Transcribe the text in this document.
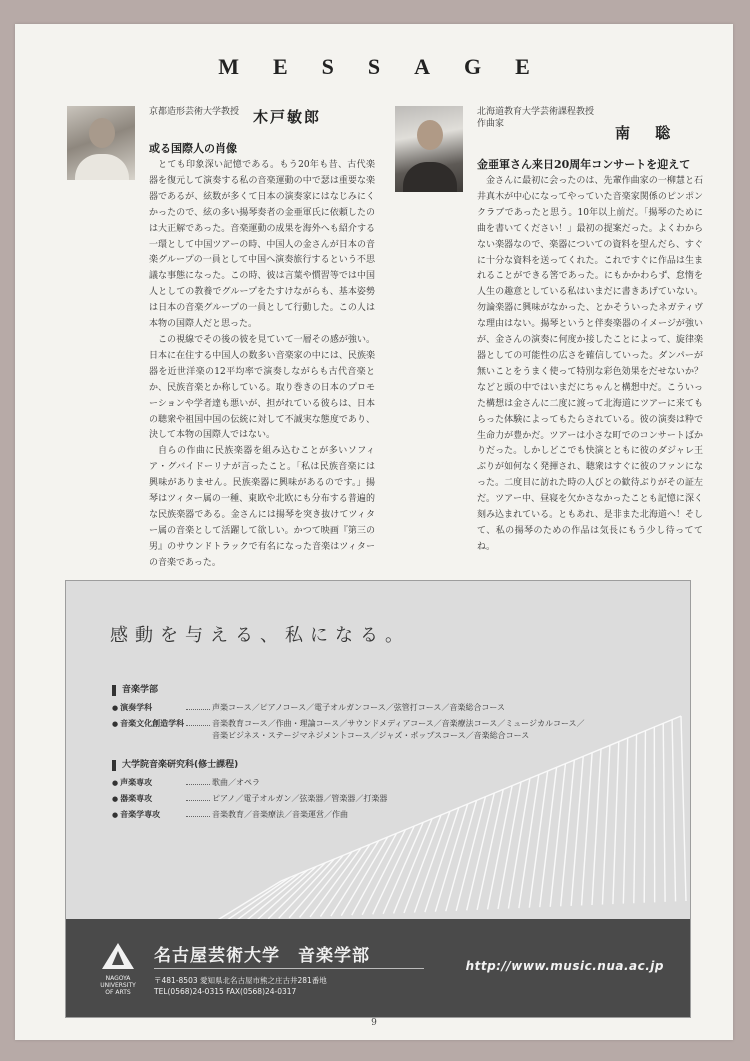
MESSAGE
京都造形芸術大学教授 木戸敏郎
或る国際人の肖像

とても印象深い記憶である。もう20年も昔、古代楽器を復元して演奏する私の音楽運動の中で瑟は重要な楽器であるが、絃数が多くて日本の演奏家にはなじみにくかったので、絃の多い揚琴奏者の金亜軍氏に依頼したのは大正解であった。音楽運動の成果を海外へも紹介する一環として中国ツアーの時、中国人の金さんが日本の音楽グループの一員として中国へ演奏旅行するという不思議な事態になった。この時、彼は言葉や慣習等では中国人としての教養でグループをたすけながらも、基本姿勢は日本の音楽グループの一員として行動した。この人は本物の国際人だと思った。

この視線でその後の彼を見ていて一層その感が強い。日本に在住する中国人の数多い音楽家の中には、民族楽器を近世洋楽の12平均率で演奏しながらも古代音楽とか、民族音楽とか称している。取り巻きの日本のプロモーションや学者達も悪いが、担がれている彼らは、日本の聴衆や祖国中国の伝統に対して不誠実な態度であり、決して本物の国際人ではない。

自らの作曲に民族楽器を組み込むことが多いソフィア・グバイドーリナが言ったこと。「私は民族音楽には興味がありません。民族楽器に興味があるのです。」揚琴はツィター属の一種、東欧や北欧にも分布する普遍的な民族楽器である。金さんには揚琴を突き抜けてツィター属の音楽として活躍して欲しい。かつて映画『第三の男』のサウンドトラックで有名になった音楽はツィターの音楽であった。

北海道教育大学芸術課程教授
作曲家	南 聡
金亜軍さん来日20周年コンサートを迎えて

金さんに最初に会ったのは、先輩作曲家の一柳慧と石井真木が中心になってやっていた音楽家関係のピンポンクラブであったと思う。10年以上前だ。「揚琴のために曲を書いてください！」最初の提案だった。よくわからない楽器なので、楽器についての資料を望んだら、すぐに十分な資料を送ってくれた。これですぐに作品は生まれることができる筈であった。にもかかわらず、怠惰を人生の趣意としている私はいまだに書きあげていない。勿論楽器に興味がなかった、とかそういったネガティヴな理由はない。揚琴というと伴奏楽器のイメージが強いが、金さんの演奏に何度か接したことによって、旋律楽器としての可能性の広さを確信していった。ダンパーが無いことをうまく使って特別な彩色効果をだせないか？などと頭の中ではいまだにちゃんと構想中だ。こういった構想は金さんに二度に渡って北海道にツアーに来てもらった体験によってもたらされている。彼の演奏は粋で生命力が豊かだ。ツアーは小さな町でのコンサートばかりだった。しかしどこでも快演とともに彼のダジャレ王ぶりが如何なく発揮され、聴衆はすぐに彼のファンになった。二度目に訪れた時の人びとの歓待ぶりがその証左だ。ツアー中、昼寝を欠かさなかったことも記憶に深く刻み込まれている。ともあれ、是非また北海道へ！そして、私の揚琴のための作品は気長にもう少し待っててね。

感動を与える、私になる。
音楽学部
● 演奏学科	声楽コース／ピアノコース／電子オルガンコース／弦管打コース／音楽総合コース
● 音楽文化創造学科	音楽教育コース／作曲・理論コース／サウンドメディアコース／音楽療法コース／ミュージカルコース／
音楽ビジネス・ステージマネジメントコース／ジャズ・ポップスコース／音楽総合コース
大学院音楽研究科(修士課程)
● 声楽専攻	歌曲／オペラ
● 器楽専攻	ピアノ／電子オルガン／弦楽器／管楽器／打楽器
● 音楽学専攻	音楽教育／音楽療法／音楽運営／作曲
NAGOYA
UNIVERSITY
OF ARTS
名古屋芸術大学　音楽学部
〒481-8503 愛知県北名古屋市熊之庄古井281番地
TEL(0568)24-0315 FAX(0568)24-0317
http://www.music.nua.ac.jp
9
